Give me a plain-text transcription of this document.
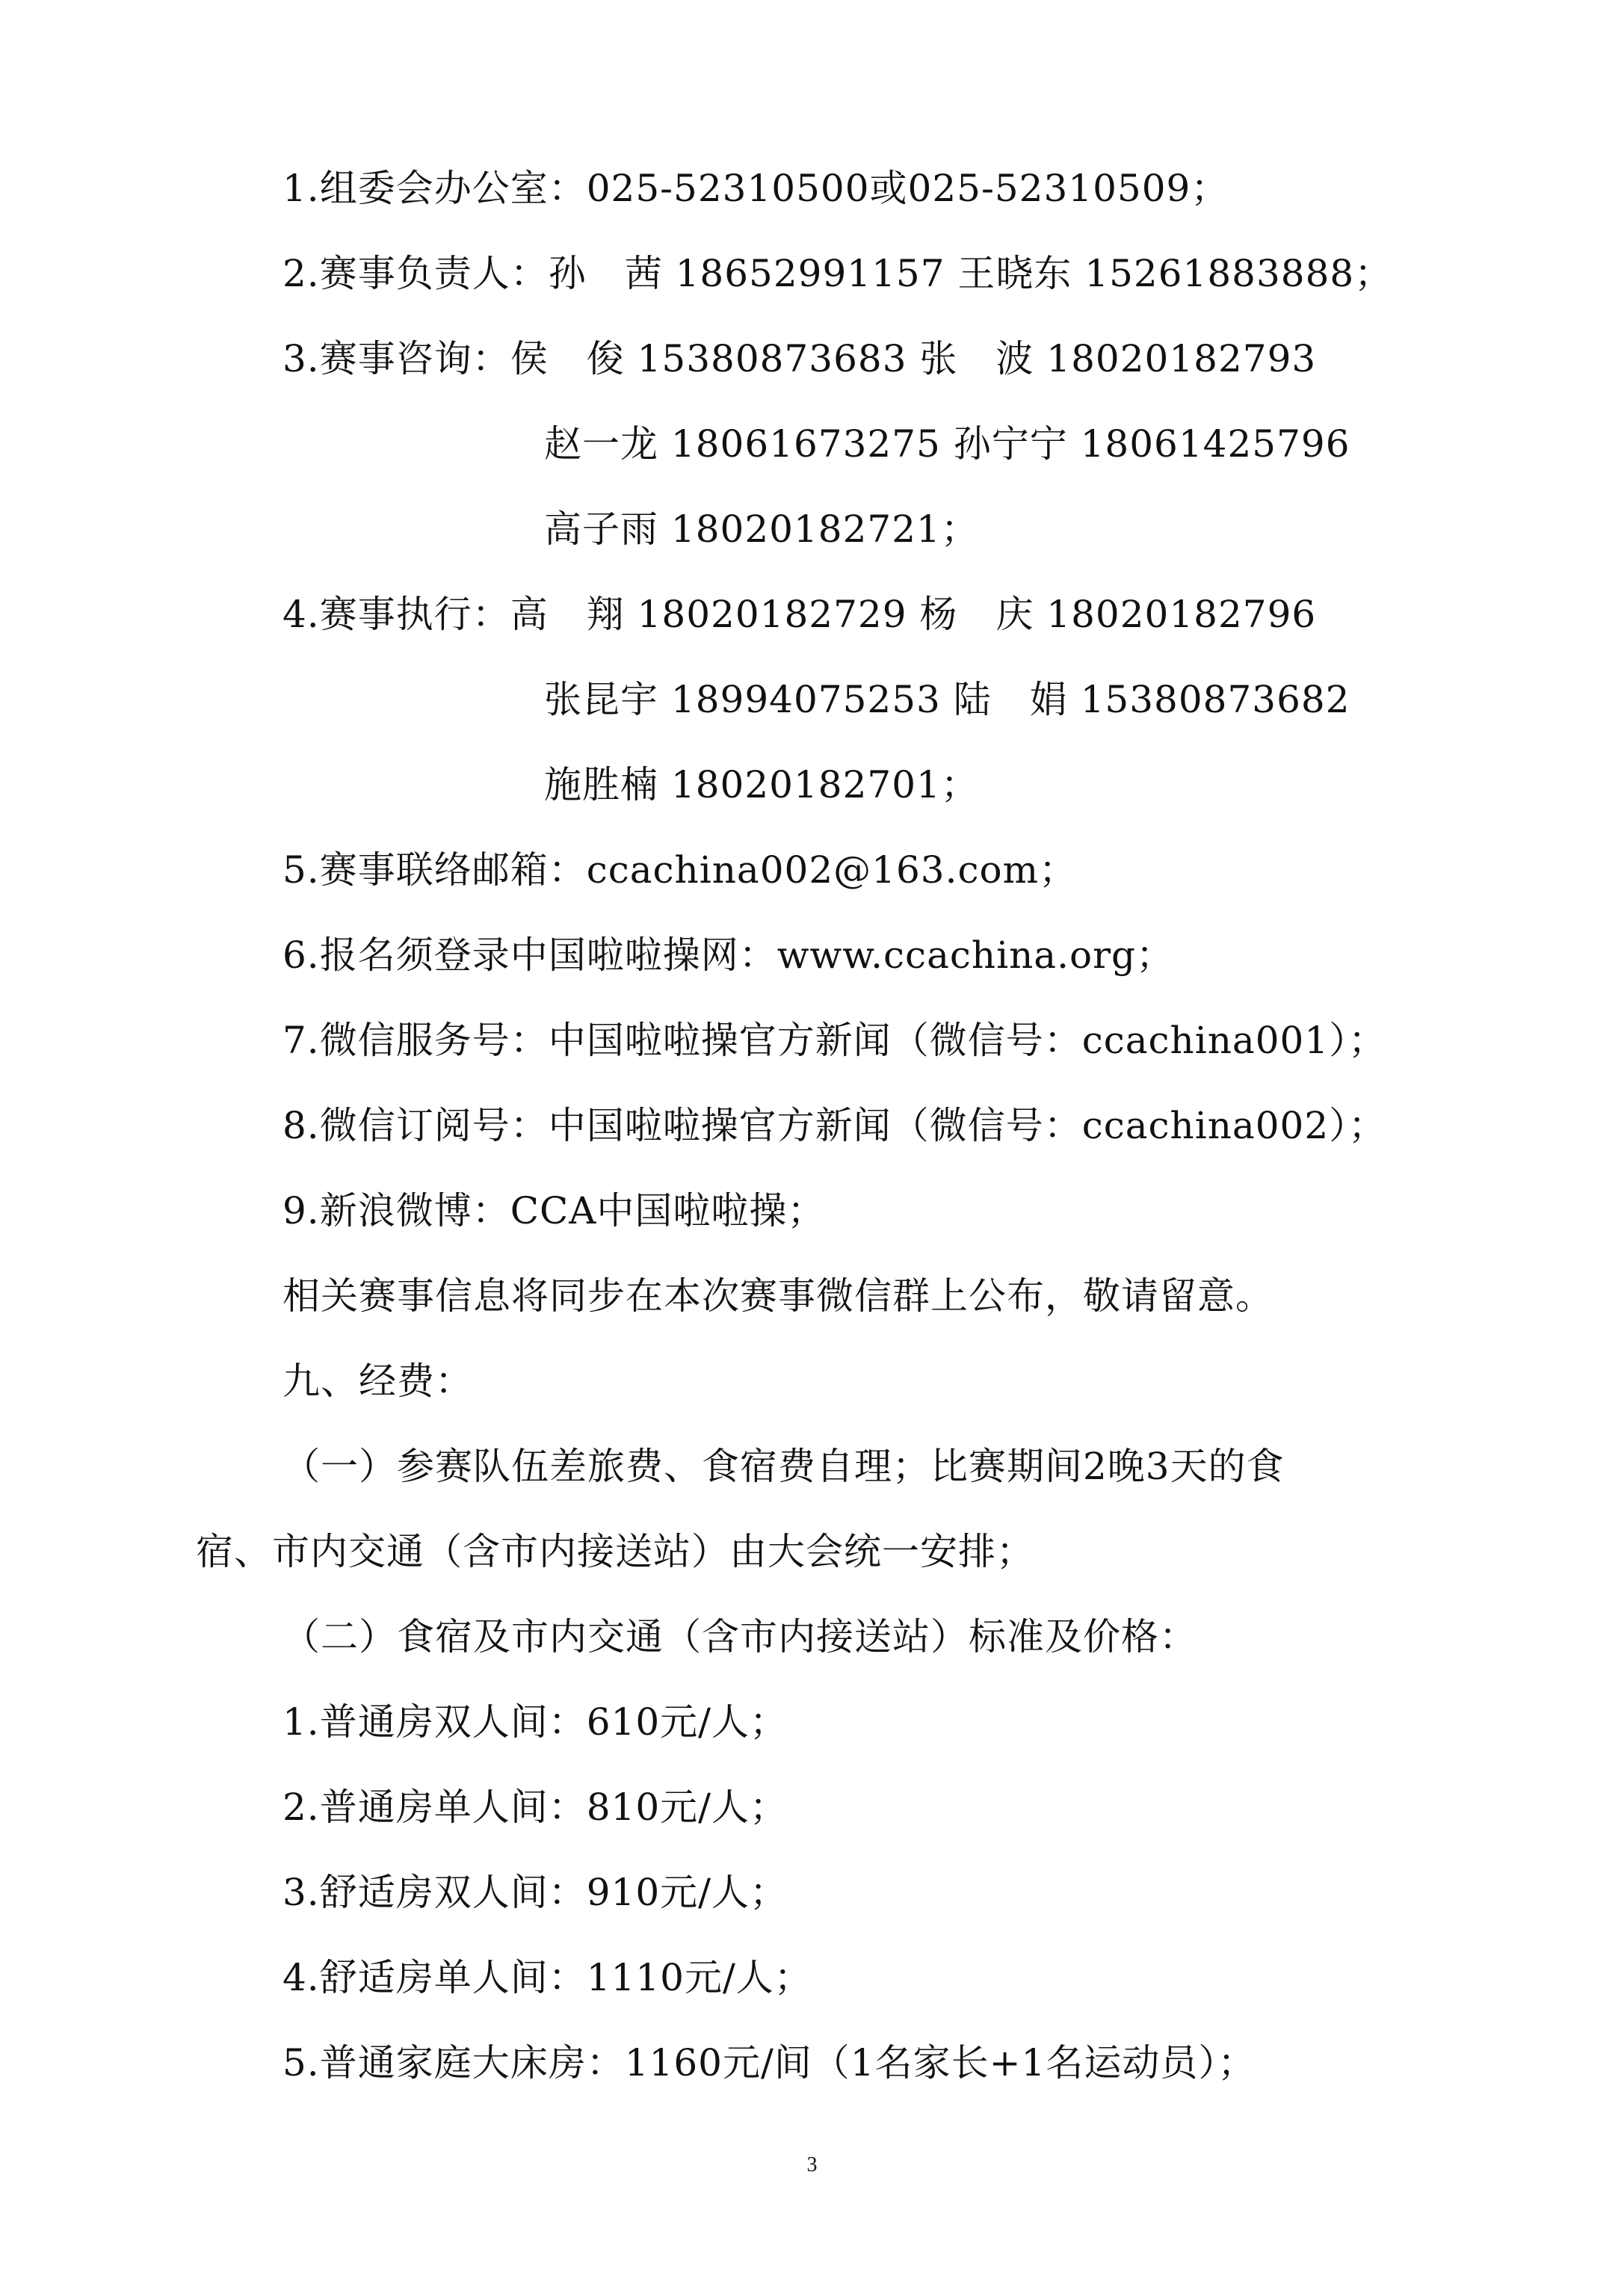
1.组委会办公室：025-52310500或025-52310509；
2.赛事负责人：孙　茜 18652991157 王晓东 15261883888；
3.赛事咨询：侯　俊 15380873683 张　波 18020182793
赵一龙 18061673275 孙宁宁 18061425796
高子雨 18020182721；
4.赛事执行：高　翔 18020182729 杨　庆 18020182796
张昆宇 18994075253 陆　娟 15380873682
施胜楠 18020182701；
5.赛事联络邮箱：ccachina002@163.com；
6.报名须登录中国啦啦操网：www.ccachina.org；
7.微信服务号：中国啦啦操官方新闻（微信号：ccachina001）；
8.微信订阅号：中国啦啦操官方新闻（微信号：ccachina002）；
9.新浪微博：CCA中国啦啦操；
相关赛事信息将同步在本次赛事微信群上公布，敬请留意。
九、经费：
（一）参赛队伍差旅费、食宿费自理；比赛期间2晚3天的食
宿、市内交通（含市内接送站）由大会统一安排；
（二）食宿及市内交通（含市内接送站）标准及价格：
1.普通房双人间：610元/人；
2.普通房单人间：810元/人；
3.舒适房双人间：910元/人；
4.舒适房单人间：1110元/人；
5.普通家庭大床房：1160元/间（1名家长+1名运动员）；
3
